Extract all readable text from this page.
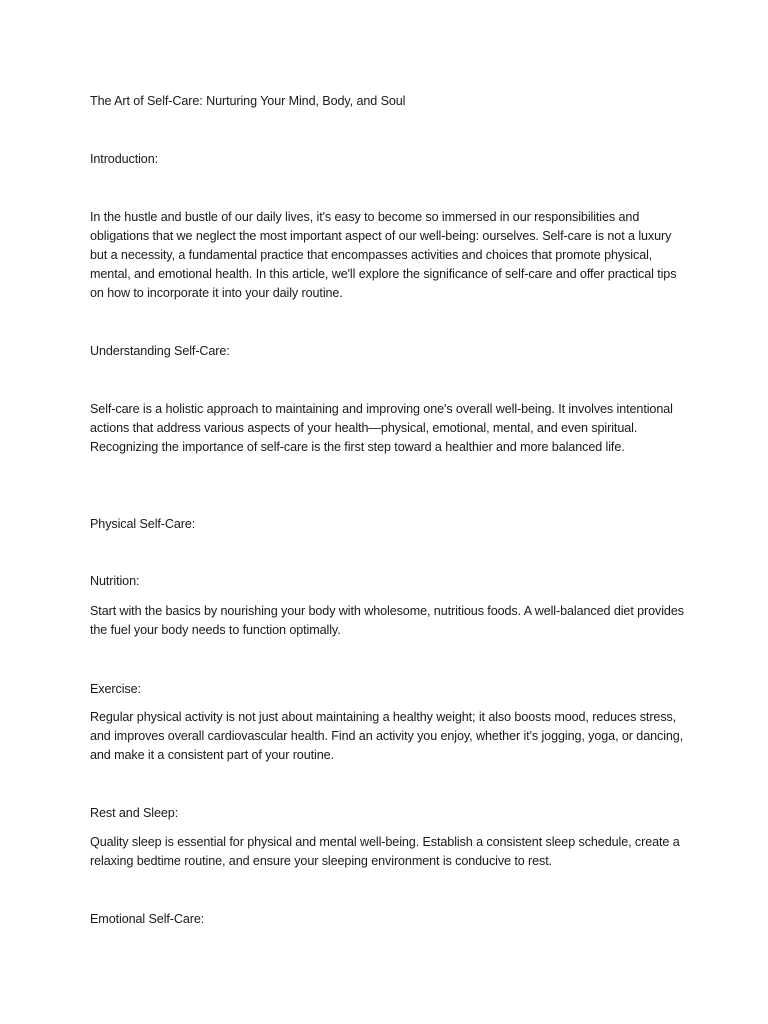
The Art of Self-Care: Nurturing Your Mind, Body, and Soul

Introduction:

In the hustle and bustle of our daily lives, it's easy to become so immersed in our responsibilities and obligations that we neglect the most important aspect of our well-being: ourselves. Self-care is not a luxury but a necessity, a fundamental practice that encompasses activities and choices that promote physical, mental, and emotional health. In this article, we'll explore the significance of self-care and offer practical tips on how to incorporate it into your daily routine.

Understanding Self-Care:

Self-care is a holistic approach to maintaining and improving one's overall well-being. It involves intentional actions that address various aspects of your health—physical, emotional, mental, and even spiritual. Recognizing the importance of self-care is the first step toward a healthier and more balanced life.

Physical Self-Care:

Nutrition:

Start with the basics by nourishing your body with wholesome, nutritious foods. A well-balanced diet provides the fuel your body needs to function optimally.

Exercise:

Regular physical activity is not just about maintaining a healthy weight; it also boosts mood, reduces stress, and improves overall cardiovascular health. Find an activity you enjoy, whether it's jogging, yoga, or dancing, and make it a consistent part of your routine.

Rest and Sleep:

Quality sleep is essential for physical and mental well-being. Establish a consistent sleep schedule, create a relaxing bedtime routine, and ensure your sleeping environment is conducive to rest.

Emotional Self-Care:
